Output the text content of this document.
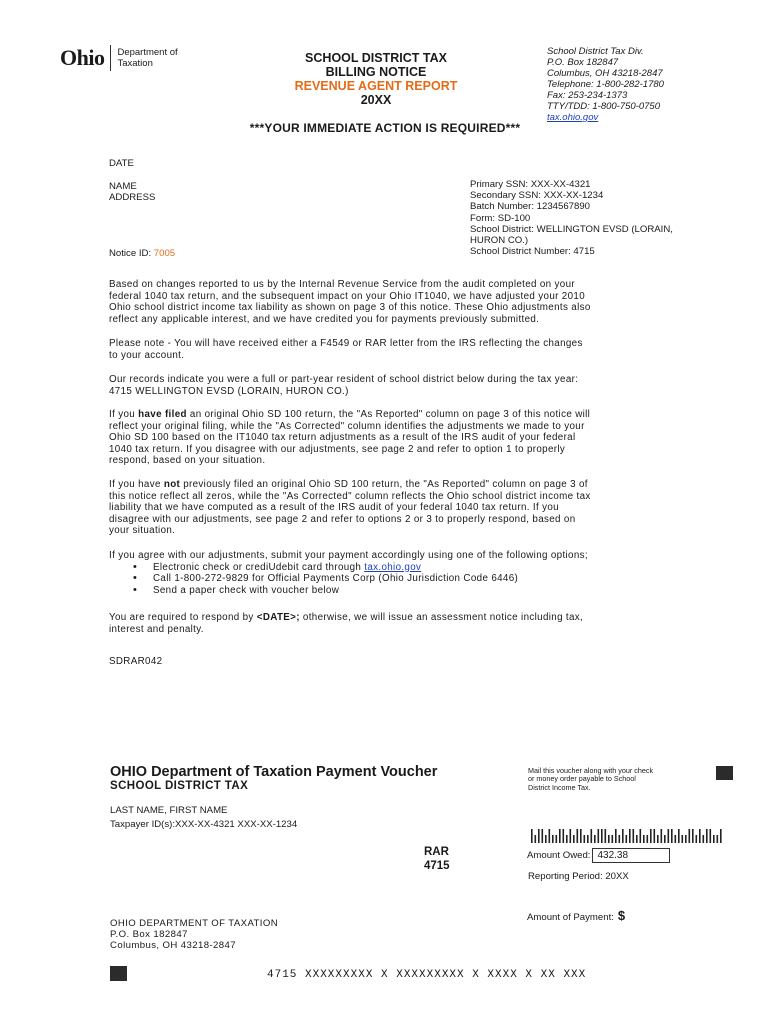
Ohio Department of
Taxation	SCHOOL DISTRICT TAX
BILLING NOTICE
REVENUE AGENT REPORT
20XX
School District Tax Div.
P.O. Box 182847
Columbus, OH 43218-2847
Telephone: 1-800-282-1780
Fax: 253-234-1373
TTY/TDD: 1-800-750-0750
tax.ohio.gov
***YOUR IMMEDIATE ACTION IS REQUIRED***
DATE
NAME
ADDRESS
Notice ID: 7005
Primary SSN: XXX-XX-4321
Secondary SSN: XXX-XX-1234
Batch Number: 1234567890
Form: SD-100
School District: WELLINGTON EVSD (LORAIN,
HURON CO.)
School District Number: 4715
Based on changes reported to us by the Internal Revenue Service from the audit completed on your
federal 1040 tax return, and the subsequent impact on your Ohio IT1040, we have adjusted your 2010
Ohio school district income tax liability as shown on page 3 of this notice. These Ohio adjustments also
reflect any applicable interest, and we have credited you for payments previously submitted.
Please note - You will have received either a F4549 or RAR letter from the IRS reflecting the changes
to your account.
Our records indicate you were a full or part-year resident of school district below during the tax year:
4715 WELLINGTON EVSD (LORAIN, HURON CO.)
If you have filed an original Ohio SD 100 return, the "As Reported" column on page 3 of this notice will
reflect your original filing, while the "As Corrected" column identifies the adjustments we made to your
Ohio SD 100 based on the IT1040 tax return adjustments as a result of the IRS audit of your federal
1040 tax return. If you disagree with our adjustments, see page 2 and refer to option 1 to properly
respond, based on your situation.
If you have not previously filed an original Ohio SD 100 return, the "As Reported" column on page 3 of
this notice reflect all zeros, while the "As Corrected" column reflects the Ohio school district income tax
liability that we have computed as a result of the IRS audit of your federal 1040 tax return. If you
disagree with our adjustments, see page 2 and refer to options 2 or 3 to properly respond, based on
your situation.
If you agree with our adjustments, submit your payment accordingly using one of the following options;
• Electronic check or crediUdebit card through tax.ohio.gov
• Call 1-800-272-9829 for Official Payments Corp (Ohio Jurisdiction Code 6446)
• Send a paper check with voucher below
You are required to respond by <DATE>; otherwise, we will issue an assessment notice including tax,
interest and penalty.
SDRAR042
OHIO Department of Taxation Payment Voucher
SCHOOL DISTRICT TAX
Mail this voucher along with your check
or money order payable to School
District Income Tax.
LAST NAME, FIRST NAME
Taxpayer ID(s):XXX-XX-4321 XXX-XX-1234
RAR
4715
Amount Owed: 432.38
Reporting Period: 20XX
Amount of Payment: $
OHIO DEPARTMENT OF TAXATION
P.O. Box 182847
Columbus, OH 43218-2847
4715 XXXXXXXXX X XXXXXXXXX X XXXX X XX XXX
